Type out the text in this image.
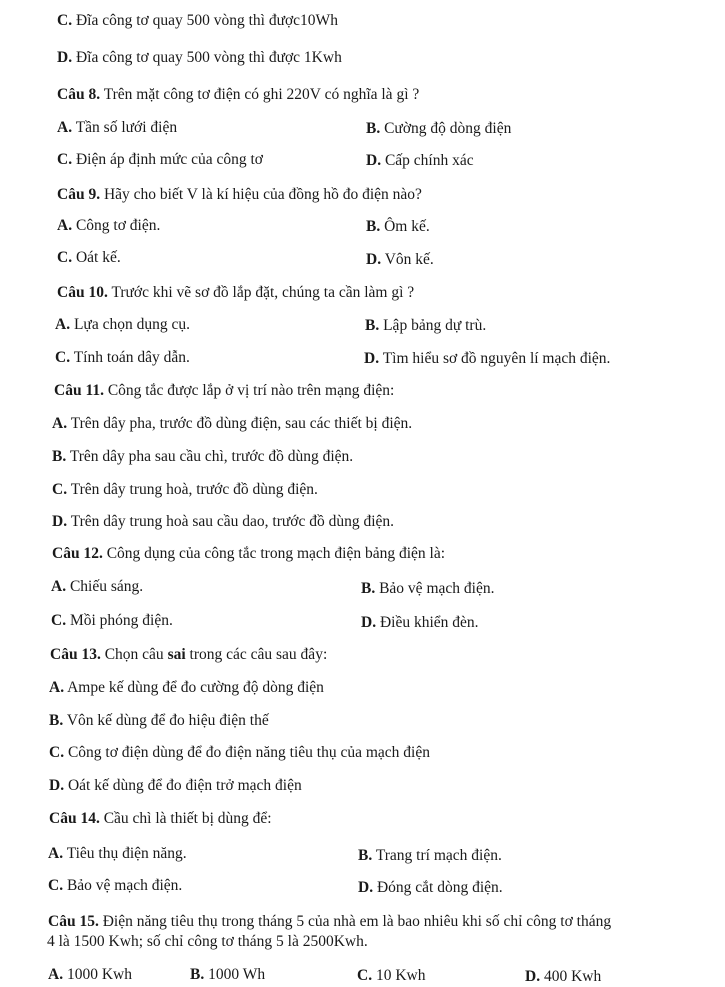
C. Đĩa công tơ quay 500 vòng thì được10Wh
D. Đĩa công tơ quay 500 vòng thì được 1Kwh
Câu 8. Trên mặt công tơ điện có ghi 220V có nghĩa là gì ?
A. Tần số lưới điện	B. Cường độ dòng điện
C. Điện áp định mức của công tơ	D. Cấp chính xác
Câu 9. Hãy cho biết V là kí hiệu của đồng hồ đo điện nào?
A. Công tơ điện.	B. Ôm kế.
C. Oát kế.	D. Vôn kế.
Câu 10. Trước khi vẽ sơ đồ lắp đặt, chúng ta cần làm gì ?
A. Lựa chọn dụng cụ.	B. Lập bảng dự trù.
C. Tính toán dây dẫn.	D. Tìm hiểu sơ đồ nguyên lí mạch điện.
Câu 11. Công tắc được lắp ở vị trí nào trên mạng điện:
A. Trên dây pha, trước đồ dùng điện, sau các thiết bị điện.
B. Trên dây pha sau cầu chì, trước đồ dùng điện.
C. Trên dây trung hoà, trước đồ dùng điện.
D. Trên dây trung hoà sau cầu dao, trước đồ dùng điện.
Câu 12. Công dụng của công tắc trong mạch điện bảng điện là:
A. Chiếu sáng.	B. Bảo vệ mạch điện.
C. Mồi phóng điện.	D. Điều khiển đèn.
Câu 13. Chọn câu sai trong các câu sau đây:
A. Ampe kế dùng để đo cường độ dòng điện
B. Vôn kế dùng để đo hiệu điện thế
C. Công tơ điện dùng để đo điện năng tiêu thụ của mạch điện
D. Oát kế dùng để đo điện trở mạch điện
Câu 14. Cầu chì là thiết bị dùng để:
A. Tiêu thụ điện năng.	B. Trang trí mạch điện.
C. Bảo vệ mạch điện.	D. Đóng cắt dòng điện.
Câu 15. Điện năng tiêu thụ trong tháng 5 của nhà em là bao nhiêu khi số chỉ công tơ tháng
4 là 1500 Kwh; số chỉ công tơ tháng 5 là 2500Kwh.
A. 1000 Kwh	B. 1000 Wh	C. 10 Kwh	D. 400 Kwh
